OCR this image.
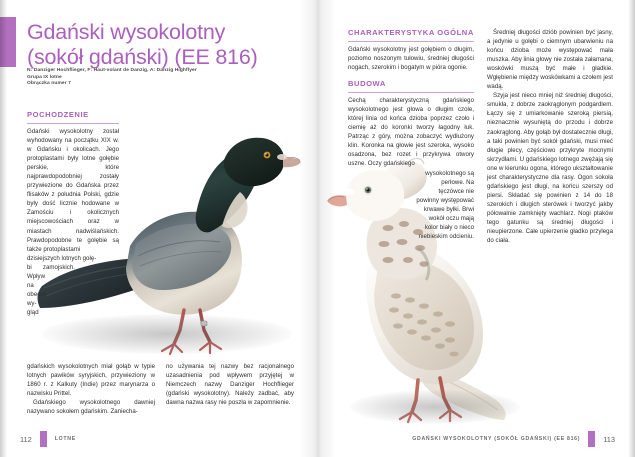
Gdański wysokolotny
(sokół gdański) (EE 816)
N: Danziger Hochflieger, F: Haut-volant de Danzig, A: Danzig Highflyer
Grupa IX lotne
Obrączka numer 7
POCHODZENIE

Gdański wysokolotny został wyhodowany na początku XIX w. w Gdańsku i okolicach. Jego protoplastami były lotne gołębie perskie, które najprawdopodobniej zostały przywiezione do Gdańska przez flisaków z południa Polski, gdzie były dość licznie hodowane w Zamościu i okolicznych miejscowościach oraz w miastach nadwiślańskich. Prawdopodobne te gołębie są także protoplastami

dzisiejszych lotnych gołę-

bi zamojskich. Wpływ

na obecny wy-

gląd

gdańskich wysokolotnych miał gołąb w typie lotnych pawików syryjskich, przywieziony w 1860 r. z Kalkuty (Indie) przez marynarza o nazwisku Prittel.

Gdańskiego wysokolotnego dawniej nazywano sokołem gdańskim. Zaniecha-

no używania tej nazwy bez racjonalnego uzasadnienia pod wpływem przyjętej w Niemczech nazwy Danziger Hochflieger (gdański wysokolotny). Należy zadbać, aby dawna nazwa rasy nie poszła w zapomnienie.

112	LOTNE
CHARAKTERYSTYKA OGÓLNA

Gdański wysokolotny jest gołębiem o długim, poziomo noszonym tułowiu, średniej długości nogach, szerokim i bogatym w pióra ogonie.

BUDOWA

Cechą charakterystyczną gdańskiego wysokolotnego jest głowa o długim czole, której linia od końca dzioba poprzez czoło i ciemię aż do koronki tworzy łagodny łuk. Patrząc z góry, można zobaczyć wydłużony klin. Koronka na głowie jest szeroka, wysoko osadzona, bez rozet i przykrywa otwory uszne. Oczy gdańskiego

wysokolotnego są perłowe. Na tęczówce nie powinny występować krwawe byłki. Brwi wokół oczu mają kolor biały o nieco niebieskim odcieniu.

Średniej długości dziób powinien być jasny, a jedynie u gołębi o ciemnym ubarwieniu na końcu dzioba może występować mała muszka. Aby linia głowy nie została załamana, woskówki muszą być małe i gładkie. Wgłębienie między woskówkami a czołem jest wadą.

Szyja jest nieco mniej niż średniej długości, smukła, z dobrze zaokrąglonym podgardlem. Łączy się z umiarkowanie szeroką piersią, nieznacznie wysuniętą do przodu i dobrze zaokrąglong. Aby gołąb był dostatecznie długi, a taki powinien być sokół gdański, musi mieć długie plecy, częściowo przykryte mocnymi skrzydłami. U gdańskiego lotnego zwężają się one w kierunku ogona, którego ukształtowanie jest charakterystyczne dla rasy. Ogon sokoła gdańskiego jest długi, na końcu szerszy od piersi. Składać się powinien z 14 do 18 szerokich i długich sterówek i tworzyć jakby półowalnie zamknięty wachlarz. Nogi ptaków tego gatunku są średniej długości i nieupierzone. Całe upierzenie gładko przylega do ciała.

GDAŃSKI WYSOKOLOTNY (SOKÓŁ GDAŃSKI) (EE 816)	113
